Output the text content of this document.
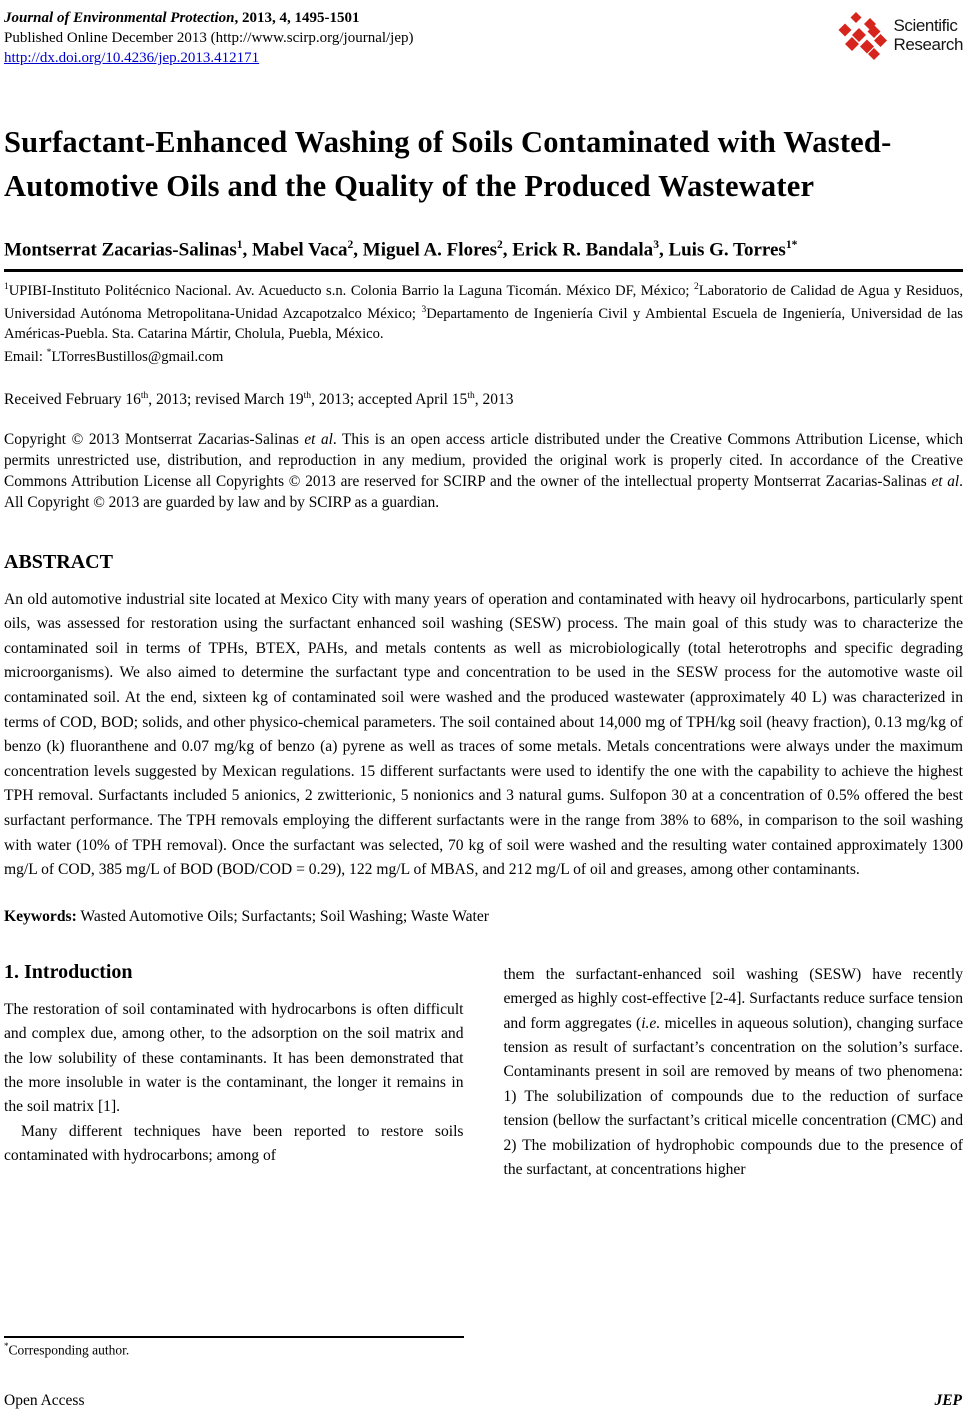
Journal of Environmental Protection, 2013, 4, 1495-1501
Published Online December 2013 (http://www.scirp.org/journal/jep)
http://dx.doi.org/10.4236/jep.2013.412171
Scientific
Research
Surfactant-Enhanced Washing of Soils Contaminated with Wasted-Automotive Oils and the Quality of the Produced Wastewater
Montserrat Zacarias-Salinas$^1$, Mabel Vaca$^2$, Miguel A. Flores$^2$, Erick R. Bandala$^3$, Luis G. Torres$^{1*}$
$^1$UPIBI-Instituto Politécnico Nacional. Av. Acueducto s.n. Colonia Barrio la Laguna Ticomán. México DF, México; $^2$Laboratorio de Calidad de Agua y Residuos, Universidad Autónoma Metropolitana-Unidad Azcapotzalco México; $^3$Departamento de Ingeniería Civil y Ambiental Escuela de Ingeniería, Universidad de las Américas-Puebla. Sta. Catarina Mártir, Cholula, Puebla, México.
Email: *LTorresBustillos@gmail.com
Received February 16th, 2013; revised March 19th, 2013; accepted April 15th, 2013
Copyright © 2013 Montserrat Zacarias-Salinas et al. This is an open access article distributed under the Creative Commons Attribution License, which permits unrestricted use, distribution, and reproduction in any medium, provided the original work is properly cited. In accordance of the Creative Commons Attribution License all Copyrights © 2013 are reserved for SCIRP and the owner of the intellectual property Montserrat Zacarias-Salinas et al. All Copyright © 2013 are guarded by law and by SCIRP as a guardian.
ABSTRACT
An old automotive industrial site located at Mexico City with many years of operation and contaminated with heavy oil hydrocarbons, particularly spent oils, was assessed for restoration using the surfactant enhanced soil washing (SESW) process. The main goal of this study was to characterize the contaminated soil in terms of TPHs, BTEX, PAHs, and metals contents as well as microbiologically (total heterotrophs and specific degrading microorganisms). We also aimed to determine the surfactant type and concentration to be used in the SESW process for the automotive waste oil contaminated soil. At the end, sixteen kg of contaminated soil were washed and the produced wastewater (approximately 40 L) was characterized in terms of COD, BOD; solids, and other physico-chemical parameters. The soil contained about 14,000 mg of TPH/kg soil (heavy fraction), 0.13 mg/kg of benzo (k) fluoranthene and 0.07 mg/kg of benzo (a) pyrene as well as traces of some metals. Metals concentrations were always under the maximum concentration levels suggested by Mexican regulations. 15 different surfactants were used to identify the one with the capability to achieve the highest TPH removal. Surfactants included 5 anionics, 2 zwitterionic, 5 nonionics and 3 natural gums. Sulfopon 30 at a concentration of 0.5% offered the best surfactant performance. The TPH removals employing the different surfactants were in the range from 38% to 68%, in comparison to the soil washing with water (10% of TPH removal). Once the surfactant was selected, 70 kg of soil were washed and the resulting water contained approximately 1300 mg/L of COD, 385 mg/L of BOD (BOD/COD = 0.29), 122 mg/L of MBAS, and 212 mg/L of oil and greases, among other contaminants.
Keywords: Wasted Automotive Oils; Surfactants; Soil Washing; Waste Water
1. Introduction

The restoration of soil contaminated with hydrocarbons is often difficult and complex due, among other, to the adsorption on the soil matrix and the low solubility of these contaminants. It has been demonstrated that the more insoluble in water is the contaminant, the longer it remains in the soil matrix [1].

Many different techniques have been reported to restore soils contaminated with hydrocarbons; among of

them the surfactant-enhanced soil washing (SESW) have recently emerged as highly cost-effective [2-4]. Surfactants reduce surface tension and form aggregates (i.e. micelles in aqueous solution), changing surface tension as result of surfactant’s concentration on the solution’s surface. Contaminants present in soil are removed by means of two phenomena: 1) The solubilization of compounds due to the reduction of surface tension (bellow the surfactant’s critical micelle concentration (CMC) and 2) The mobilization of hydrophobic compounds due to the presence of the surfactant, at concentrations higher

*Corresponding author.
Open Access	JEP
